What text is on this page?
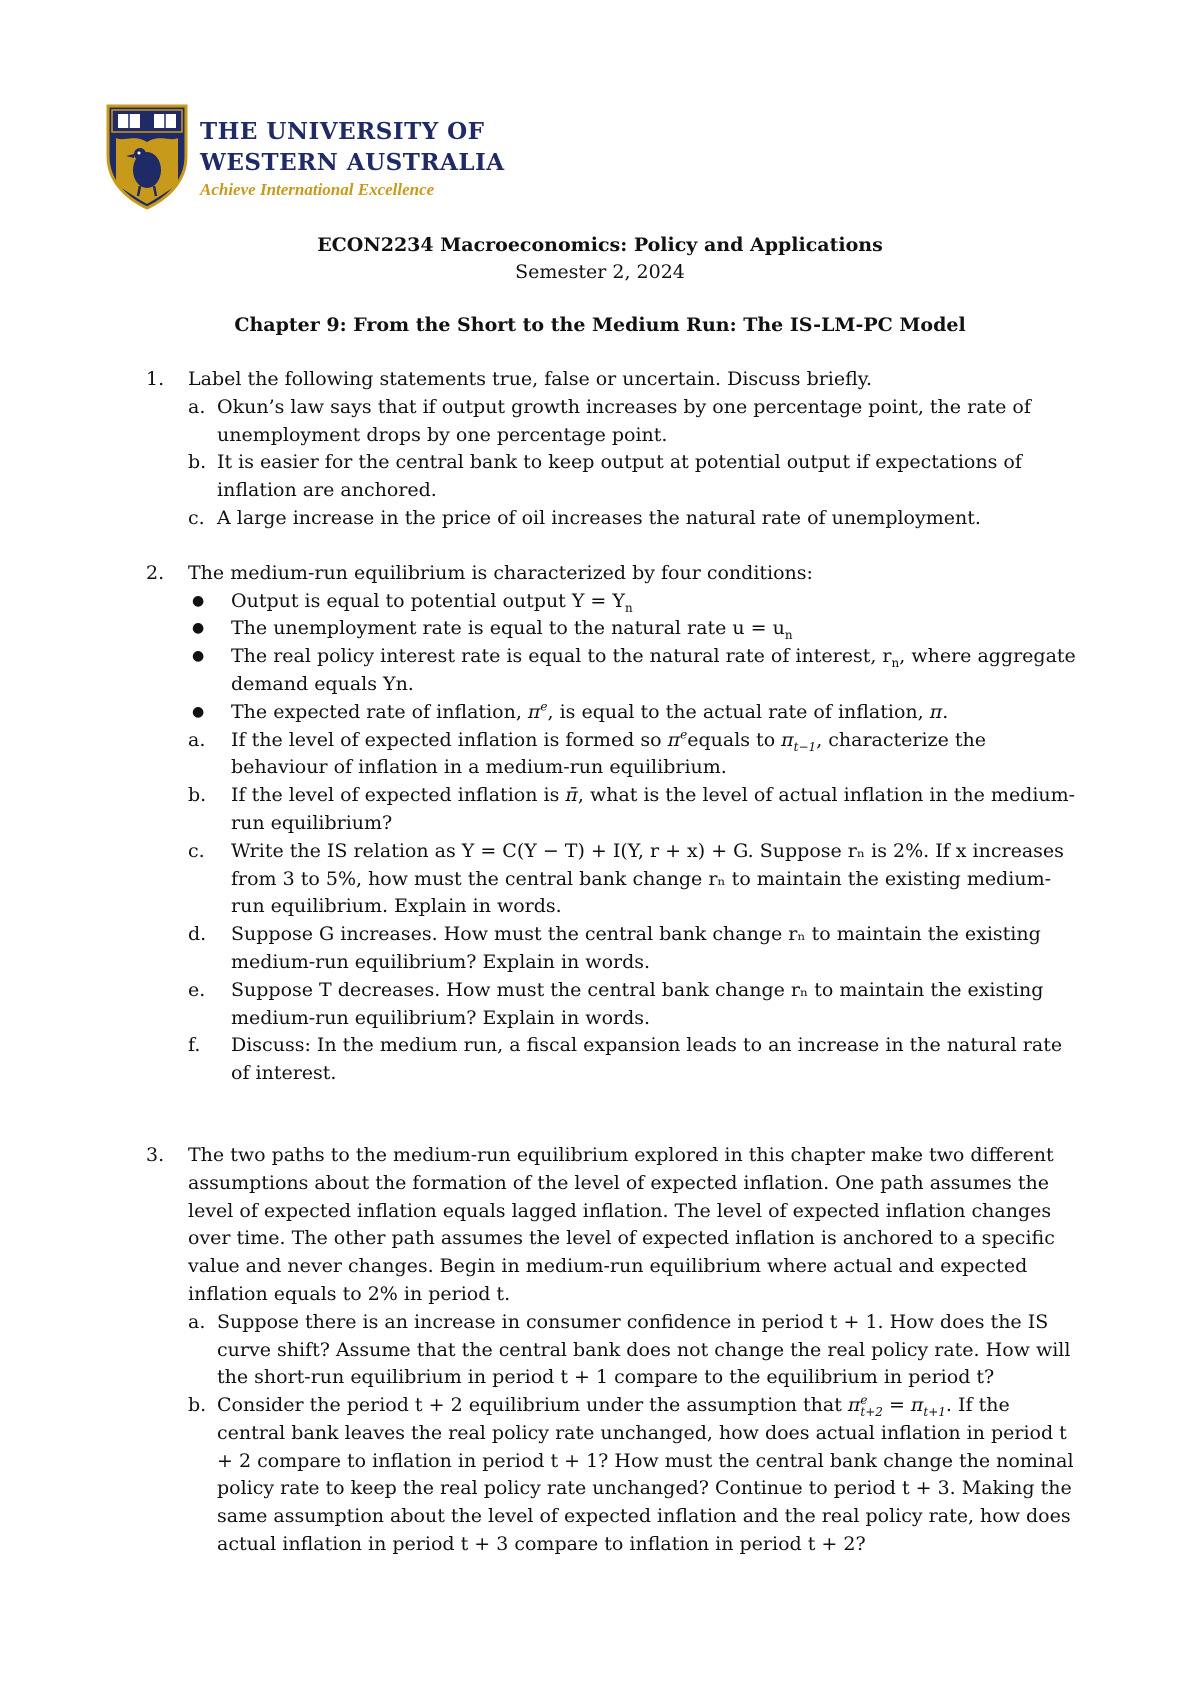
THE UNIVERSITY OF
WESTERN AUSTRALIA
Achieve International Excellence
ECON2234 Macroeconomics: Policy and Applications
Semester 2, 2024
Chapter 9: From the Short to the Medium Run: The IS-LM-PC Model
1.	Label the following statements true, false or uncertain. Discuss briefly.
a. Okun’s law says that if output growth increases by one percentage point, the rate of unemployment drops by one percentage point.
b. It is easier for the central bank to keep output at potential output if expectations of inflation are anchored.
c. A large increase in the price of oil increases the natural rate of unemployment.
2.	The medium-run equilibrium is characterized by four conditions:
●	Output is equal to potential output $Y = Y_n$
●	The unemployment rate is equal to the natural rate $u = u_n$
●	The real policy interest rate is equal to the natural rate of interest, $r_n$, where aggregate demand equals Yn.
●	The expected rate of inflation, $\pi^e$, is equal to the actual rate of inflation, π.
a.	If the level of expected inflation is formed so $\pi^eequals$ to $\pi_{t-1}$, characterize the behaviour of inflation in a medium-run equilibrium.
b.	If the level of expected inflation is π̄, what is the level of actual inflation in the medium-run equilibrium?
c.	Write the IS relation as Y = C(Y − T) + I(Y, r + x) + G. Suppose rₙ is 2%. If x increases from 3 to 5%, how must the central bank change rₙ to maintain the existing medium-run equilibrium. Explain in words.
d.	Suppose G increases. How must the central bank change rₙ to maintain the existing medium-run equilibrium? Explain in words.
e.	Suppose T decreases. How must the central bank change rₙ to maintain the existing medium-run equilibrium? Explain in words.
f.	Discuss: In the medium run, a fiscal expansion leads to an increase in the natural rate of interest.
3.	The two paths to the medium-run equilibrium explored in this chapter make two different assumptions about the formation of the level of expected inflation. One path assumes the level of expected inflation equals lagged inflation. The level of expected inflation changes over time. The other path assumes the level of expected inflation is anchored to a specific value and never changes. Begin in medium-run equilibrium where actual and expected inflation equals to 2% in period t.
a. Suppose there is an increase in consumer confidence in period t + 1. How does the IS curve shift? Assume that the central bank does not change the real policy rate. How will the short-run equilibrium in period t + 1 compare to the equilibrium in period t?
b. Consider the period t + 2 equilibrium under the assumption that π e
$t+2 = \pi_{t+1}$. If the central bank leaves the real policy rate unchanged, how does actual inflation in period t + 2 compare to inflation in period t + 1? How must the central bank change the nominal policy rate to keep the real policy rate unchanged? Continue to period t + 3. Making the same assumption about the level of expected inflation and the real policy rate, how does actual inflation in period t + 3 compare to inflation in period t + 2?
